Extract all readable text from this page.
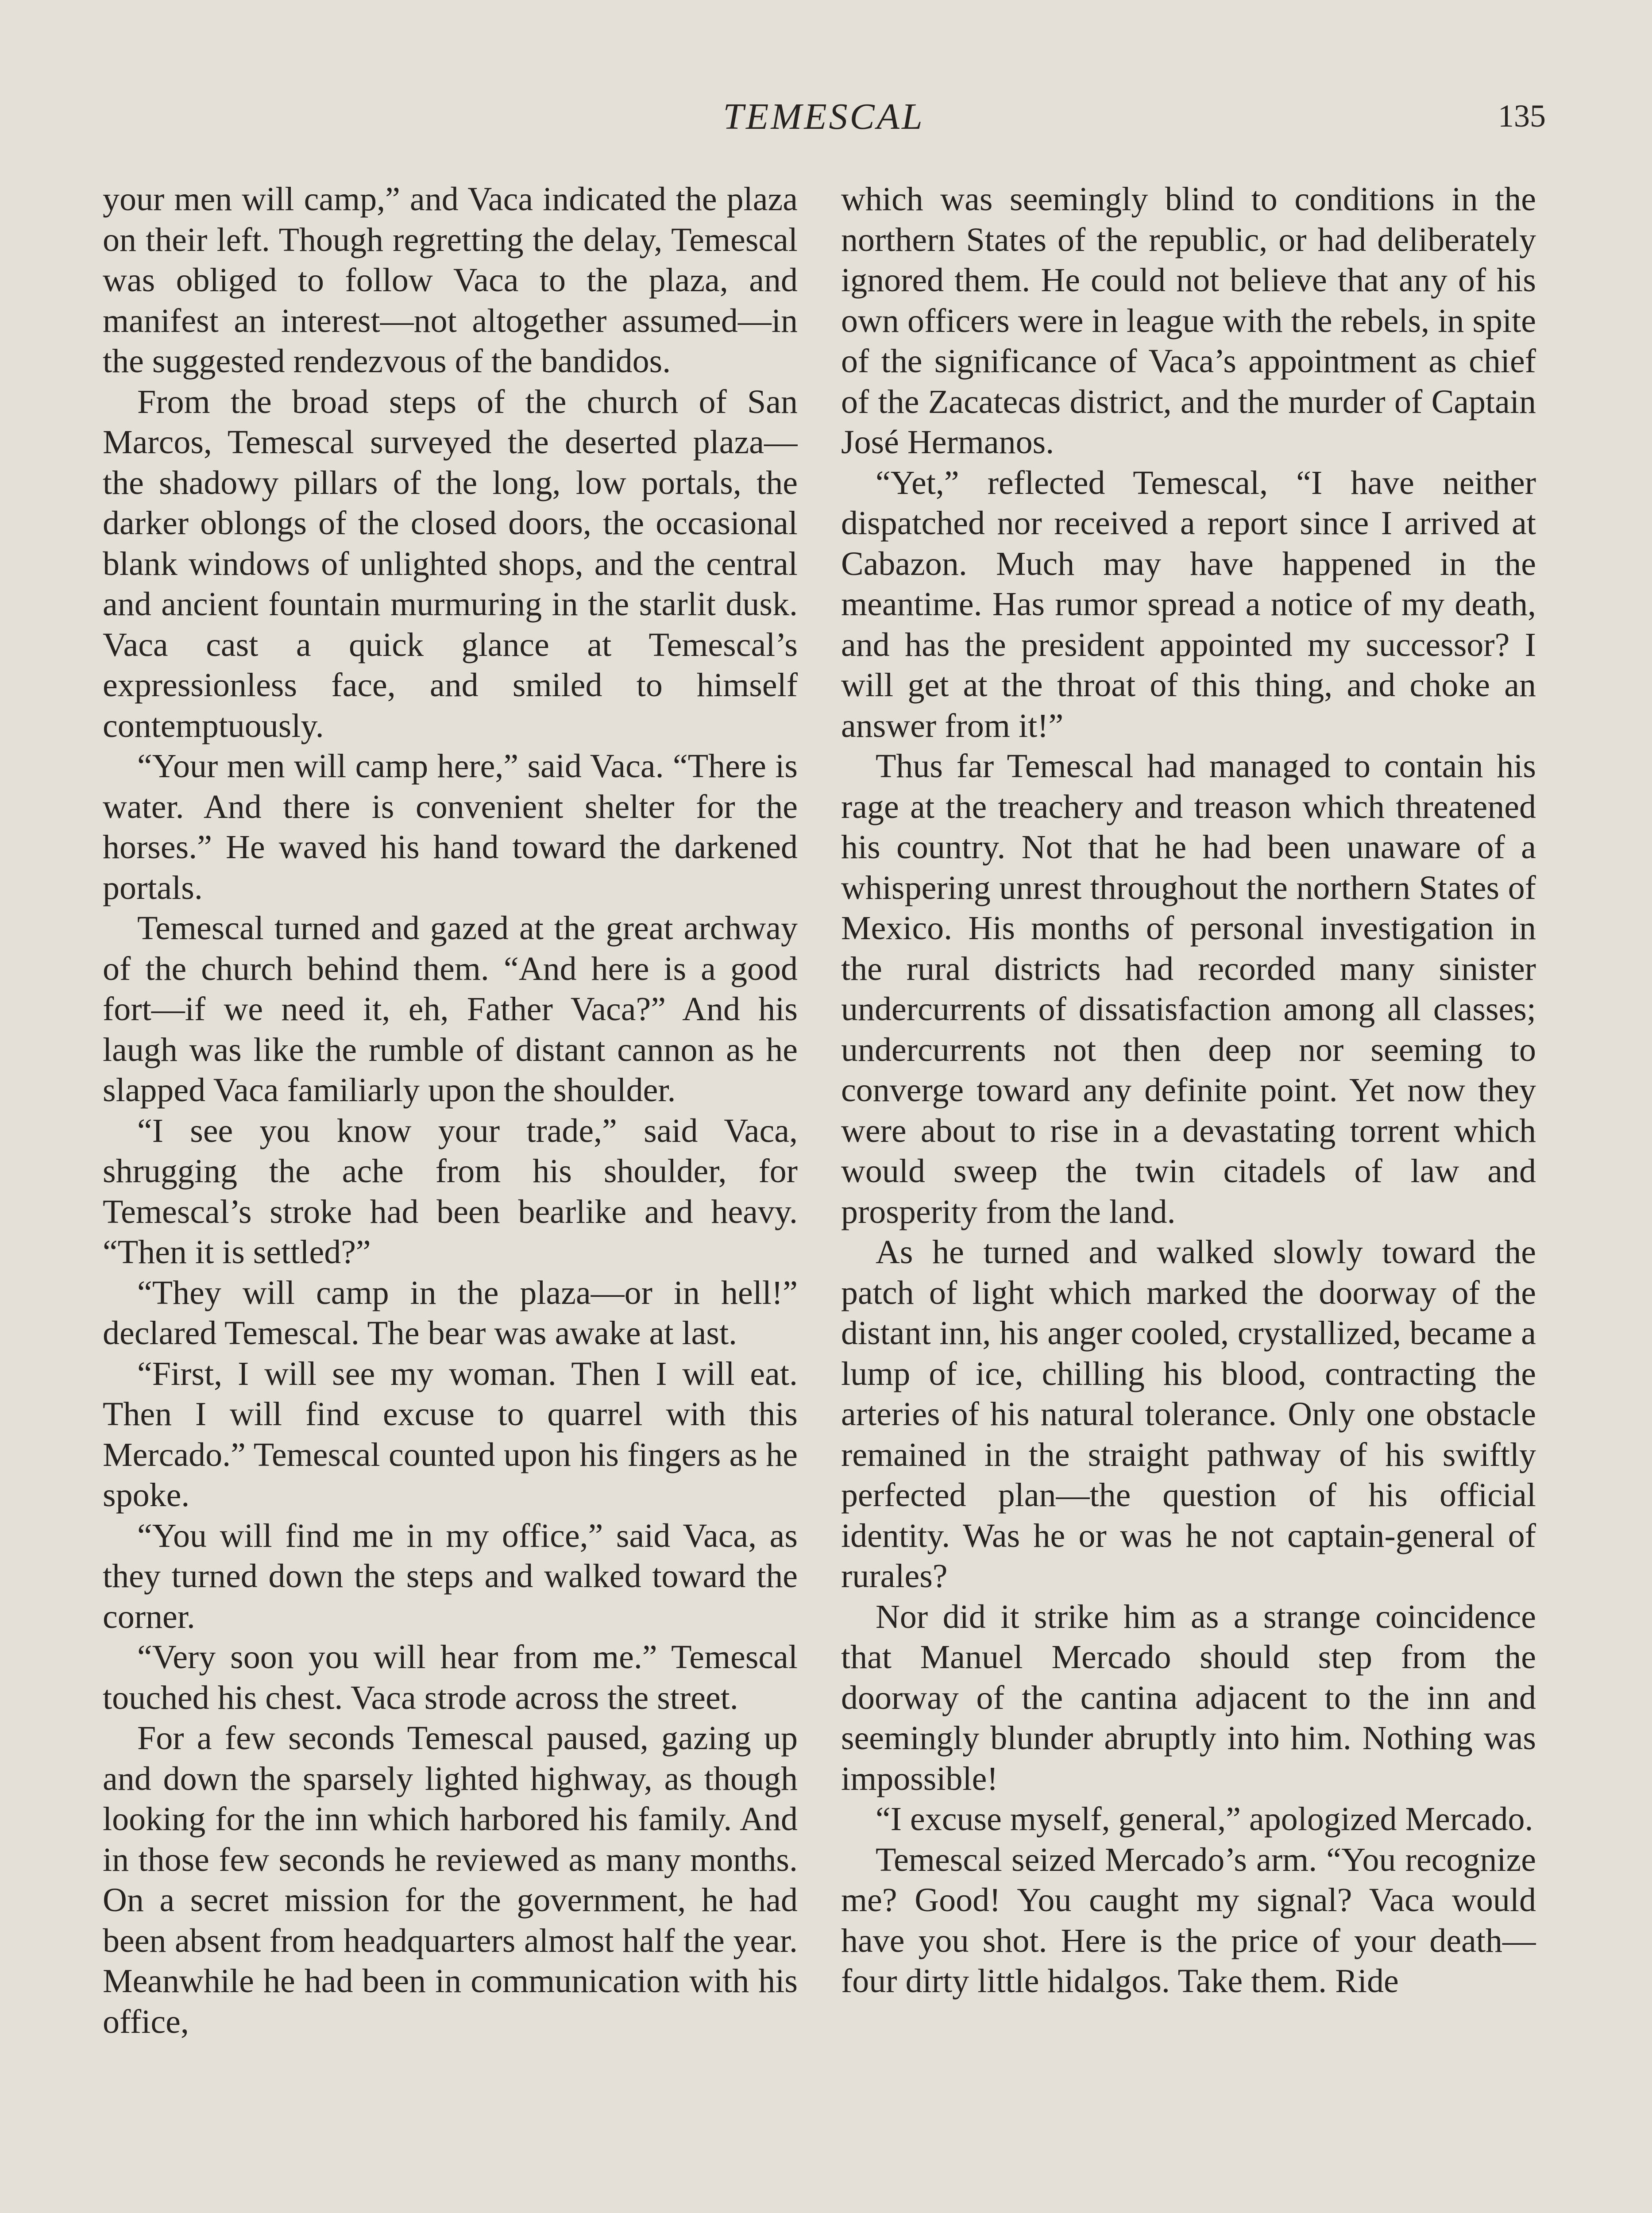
TEMESCAL	135

your men will camp,” and Vaca indicated the plaza on their left. Though regretting the delay, Temescal was obliged to follow Vaca to the plaza, and manifest an interest—not altogether assumed—in the suggested rendezvous of the bandidos.

From the broad steps of the church of San Marcos, Temescal surveyed the deserted plaza—the shadowy pillars of the long, low portals, the darker oblongs of the closed doors, the occasional blank windows of unlighted shops, and the central and ancient fountain murmuring in the starlit dusk. Vaca cast a quick glance at Temescal’s expressionless face, and smiled to himself contemptuously.

“Your men will camp here,” said Vaca. “There is water. And there is convenient shelter for the horses.” He waved his hand toward the darkened portals.

Temescal turned and gazed at the great archway of the church behind them. “And here is a good fort—if we need it, eh, Father Vaca?” And his laugh was like the rumble of distant cannon as he slapped Vaca familiarly upon the shoulder.

“I see you know your trade,” said Vaca, shrugging the ache from his shoulder, for Temescal’s stroke had been bearlike and heavy. “Then it is settled?”

“They will camp in the plaza—or in hell!” declared Temescal. The bear was awake at last.

“First, I will see my woman. Then I will eat. Then I will find excuse to quarrel with this Mercado.” Temescal counted upon his fingers as he spoke.

“You will find me in my office,” said Vaca, as they turned down the steps and walked toward the corner.

“Very soon you will hear from me.” Temescal touched his chest. Vaca strode across the street.

For a few seconds Temescal paused, gazing up and down the sparsely lighted highway, as though looking for the inn which harbored his family. And in those few seconds he reviewed as many months. On a secret mission for the government, he had been absent from headquarters almost half the year. Meanwhile he had been in communication with his office,

which was seemingly blind to conditions in the northern States of the republic, or had deliberately ignored them. He could not believe that any of his own officers were in league with the rebels, in spite of the significance of Vaca’s appointment as chief of the Zacatecas district, and the murder of Captain José Hermanos.

“Yet,” reflected Temescal, “I have neither dispatched nor received a report since I arrived at Cabazon. Much may have happened in the meantime. Has rumor spread a notice of my death, and has the president appointed my successor? I will get at the throat of this thing, and choke an answer from it!”

Thus far Temescal had managed to contain his rage at the treachery and treason which threatened his country. Not that he had been unaware of a whispering unrest throughout the northern States of Mexico. His months of personal investigation in the rural districts had recorded many sinister undercurrents of dissatisfaction among all classes; undercurrents not then deep nor seeming to converge toward any definite point. Yet now they were about to rise in a devastating torrent which would sweep the twin citadels of law and prosperity from the land.

As he turned and walked slowly toward the patch of light which marked the doorway of the distant inn, his anger cooled, crystallized, became a lump of ice, chilling his blood, contracting the arteries of his natural tolerance. Only one obstacle remained in the straight pathway of his swiftly perfected plan—the question of his official identity. Was he or was he not captain-general of rurales?

Nor did it strike him as a strange coincidence that Manuel Mercado should step from the doorway of the cantina adjacent to the inn and seemingly blunder abruptly into him. Nothing was impossible!

“I excuse myself, general,” apologized Mercado.

Temescal seized Mercado’s arm. “You recognize me? Good! You caught my signal? Vaca would have you shot. Here is the price of your death—four dirty little hidalgos. Take them. Ride
